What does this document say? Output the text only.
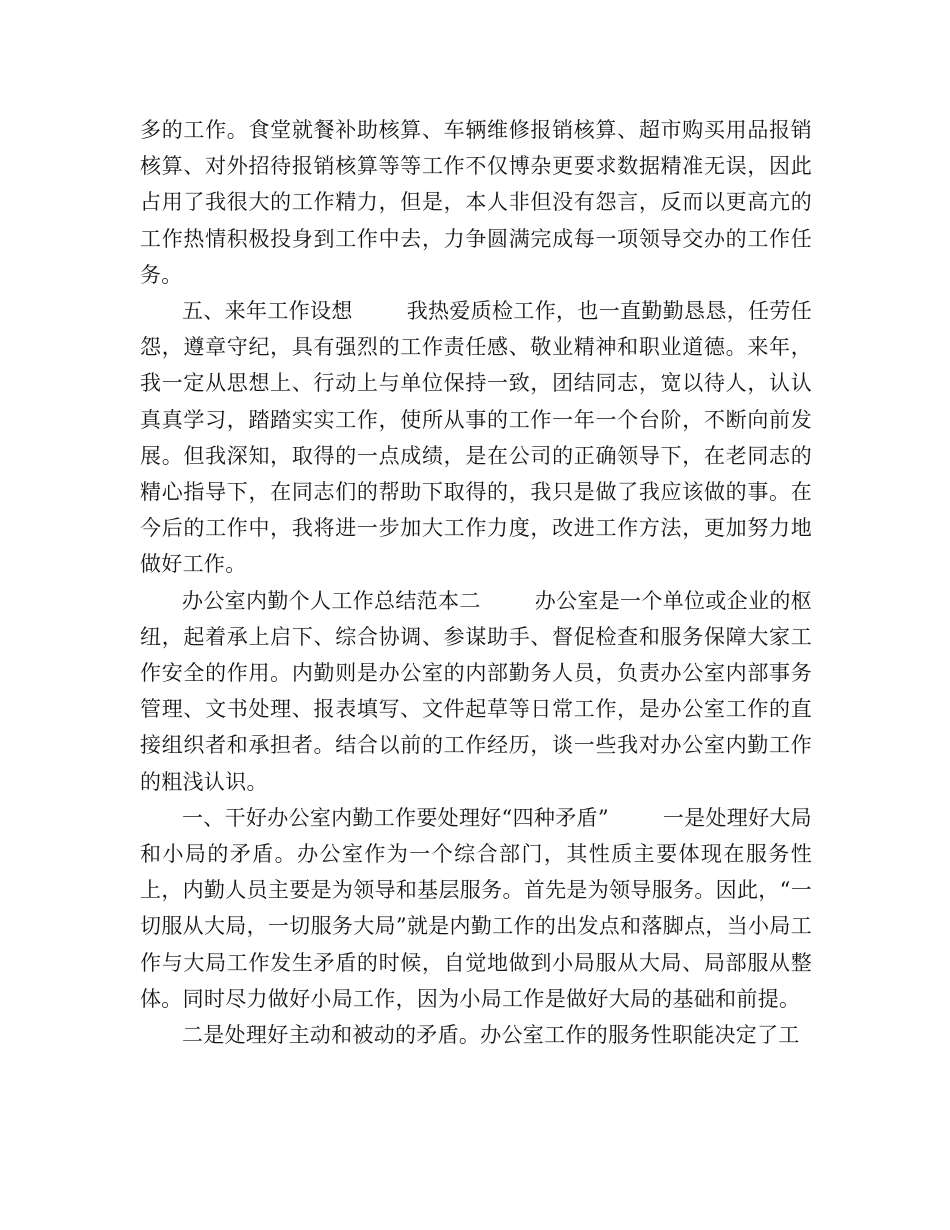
多的工作。食堂就餐补助核算、车辆维修报销核算、超市购买用品报销核算、对外招待报销核算等等工作不仅博杂更要求数据精准无误，因此占用了我很大的工作精力，但是，本人非但没有怨言，反而以更高亢的工作热情积极投身到工作中去，力争圆满完成每一项领导交办的工作任务。

五、来年工作设想	我热爱质检工作，也一直勤勤恳恳，任劳任怨，遵章守纪，具有强烈的工作责任感、敬业精神和职业道德。来年，我一定从思想上、行动上与单位保持一致，团结同志，宽以待人，认认真真学习，踏踏实实工作，使所从事的工作一年一个台阶，不断向前发展。但我深知，取得的一点成绩，是在公司的正确领导下，在老同志的精心指导下，在同志们的帮助下取得的，我只是做了我应该做的事。在今后的工作中，我将进一步加大工作力度，改进工作方法，更加努力地做好工作。

办公室内勤个人工作总结范本二	办公室是一个单位或企业的枢纽，起着承上启下、综合协调、参谋助手、督促检查和服务保障大家工作安全的作用。内勤则是办公室的内部勤务人员，负责办公室内部事务管理、文书处理、报表填写、文件起草等日常工作，是办公室工作的直接组织者和承担者。结合以前的工作经历，谈一些我对办公室内勤工作的粗浅认识。

一、干好办公室内勤工作要处理好“四种矛盾”	一是处理好大局和小局的矛盾。办公室作为一个综合部门，其性质主要体现在服务性上，内勤人员主要是为领导和基层服务。首先是为领导服务。因此，“一切服从大局，一切服务大局”就是内勤工作的出发点和落脚点，当小局工作与大局工作发生矛盾的时候，自觉地做到小局服从大局、局部服从整体。同时尽力做好小局工作，因为小局工作是做好大局的基础和前提。

二是处理好主动和被动的矛盾。办公室工作的服务性职能决定了工
